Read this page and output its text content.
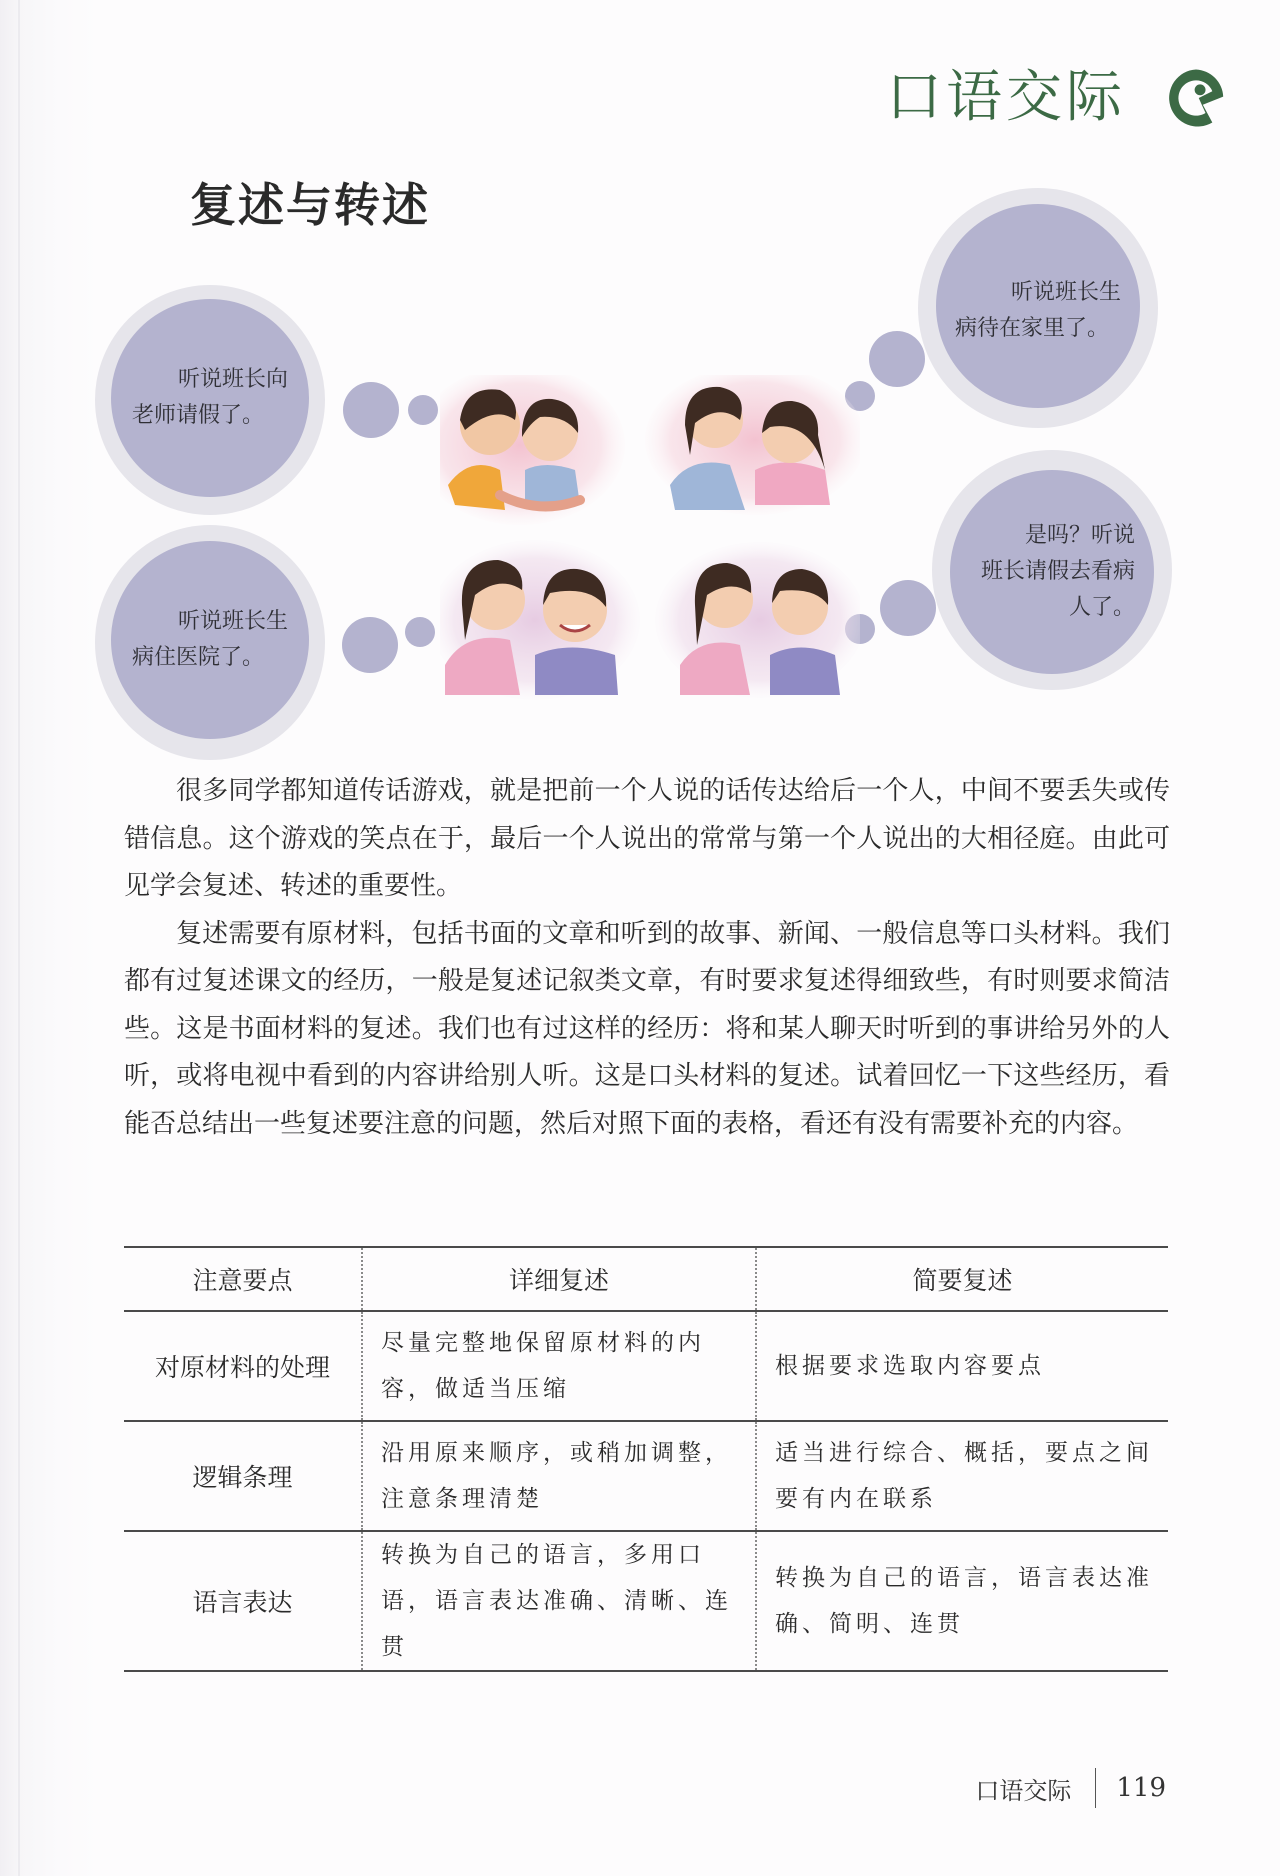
口语交际
复述与转述
听说班长向
老师请假了。
听说班长生
病住医院了。
听说班长生
病待在家里了。
是吗？听说
班长请假去看病人了。

很多同学都知道传话游戏，就是把前一个人说的话传达给后一个人，中间不要丢失或传错信息。这个游戏的笑点在于，最后一个人说出的常常与第一个人说出的大相径庭。由此可见学会复述、转述的重要性。

复述需要有原材料，包括书面的文章和听到的故事、新闻、一般信息等口头材料。我们都有过复述课文的经历，一般是复述记叙类文章，有时要求复述得细致些，有时则要求简洁些。这是书面材料的复述。我们也有过这样的经历：将和某人聊天时听到的事讲给另外的人听，或将电视中看到的内容讲给别人听。这是口头材料的复述。试着回忆一下这些经历，看能否总结出一些复述要注意的问题，然后对照下面的表格，看还有没有需要补充的内容。

注意要点	详细复述	简要复述
对原材料的处理	尽量完整地保留原材料的内容，做适当压缩	根据要求选取内容要点
逻辑条理	沿用原来顺序，或稍加调整，注意条理清楚	适当进行综合、概括，要点之间要有内在联系
语言表达	转换为自己的语言，多用口语，语言表达准确、清晰、连贯	转换为自己的语言，语言表达准确、简明、连贯
口语交际 119
